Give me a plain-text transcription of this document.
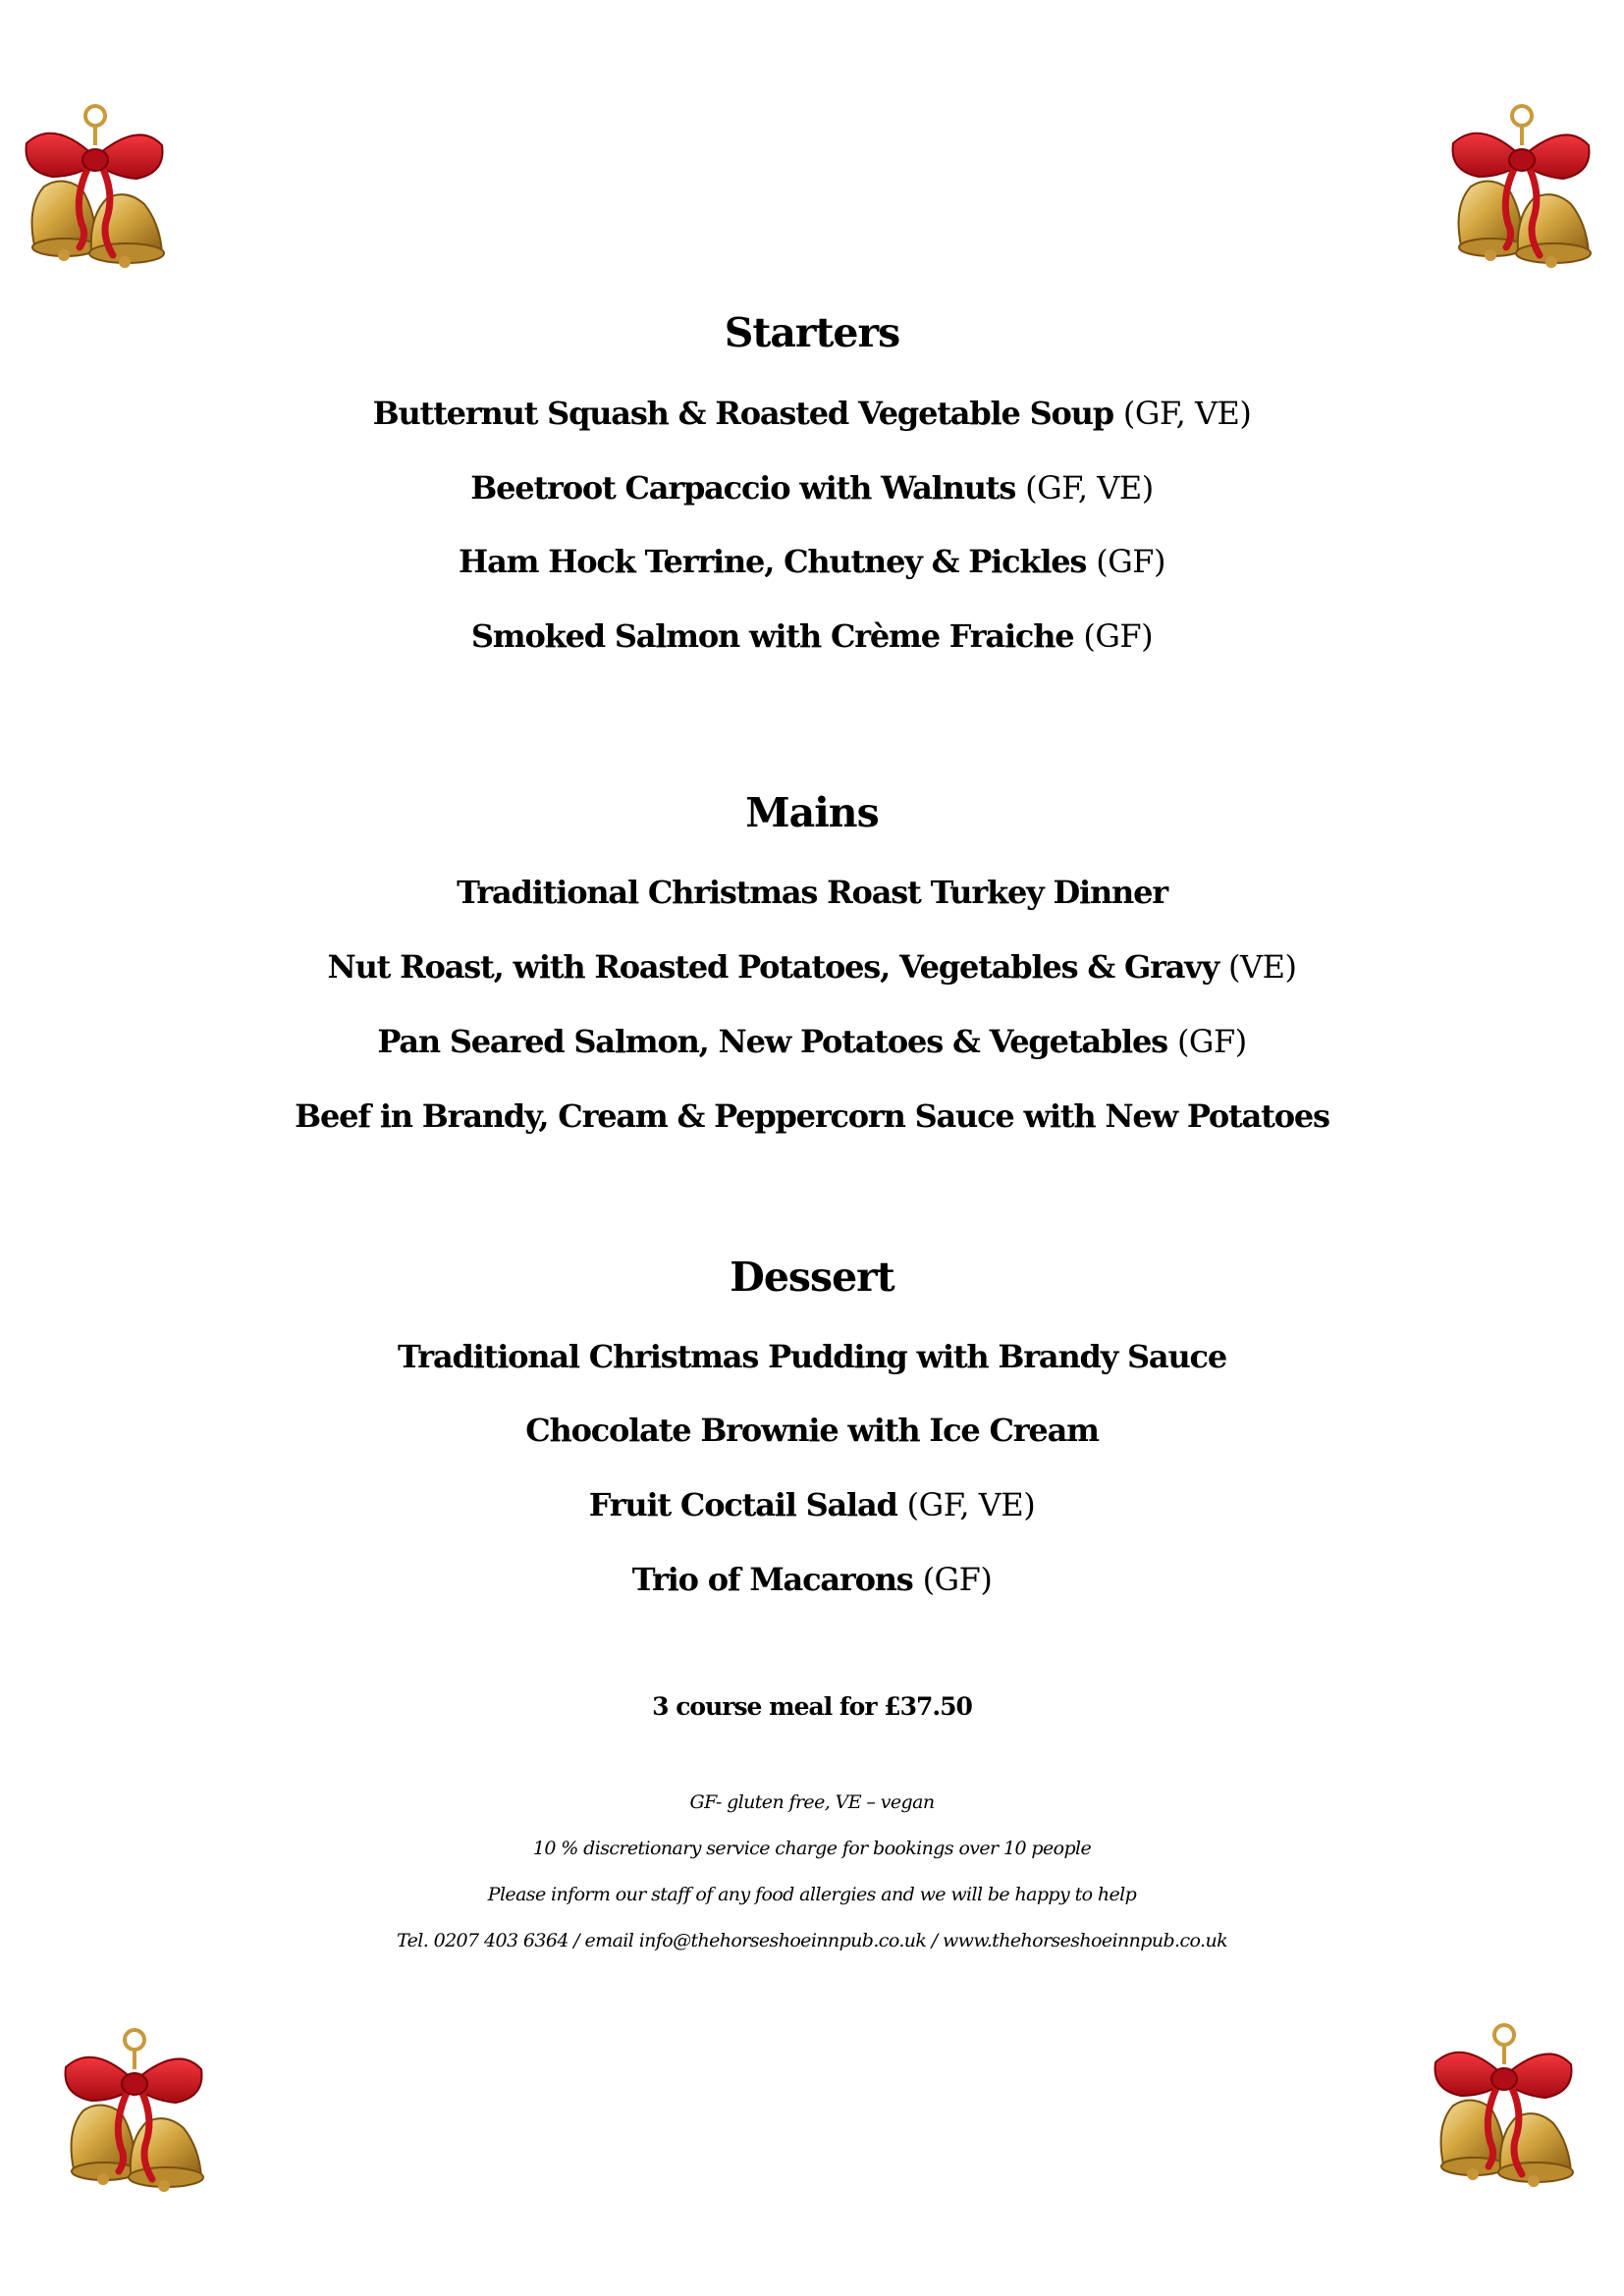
Starters
Butternut Squash & Roasted Vegetable Soup (GF, VE)
Beetroot Carpaccio with Walnuts (GF, VE)
Ham Hock Terrine, Chutney & Pickles (GF)
Smoked Salmon with Crème Fraiche (GF)
Mains
Traditional Christmas Roast Turkey Dinner
Nut Roast, with Roasted Potatoes, Vegetables & Gravy (VE)
Pan Seared Salmon, New Potatoes & Vegetables (GF)
Beef in Brandy, Cream & Peppercorn Sauce with New Potatoes
Dessert
Traditional Christmas Pudding with Brandy Sauce
Chocolate Brownie with Ice Cream
Fruit Coctail Salad (GF, VE)
Trio of Macarons (GF)
3 course meal for £37.50
GF- gluten free, VE – vegan
10 % discretionary service charge for bookings over 10 people
Please inform our staff of any food allergies and we will be happy to help
Tel. 0207 403 6364 / email info@thehorseshoeinnpub.co.uk / www.thehorseshoeinnpub.co.uk
